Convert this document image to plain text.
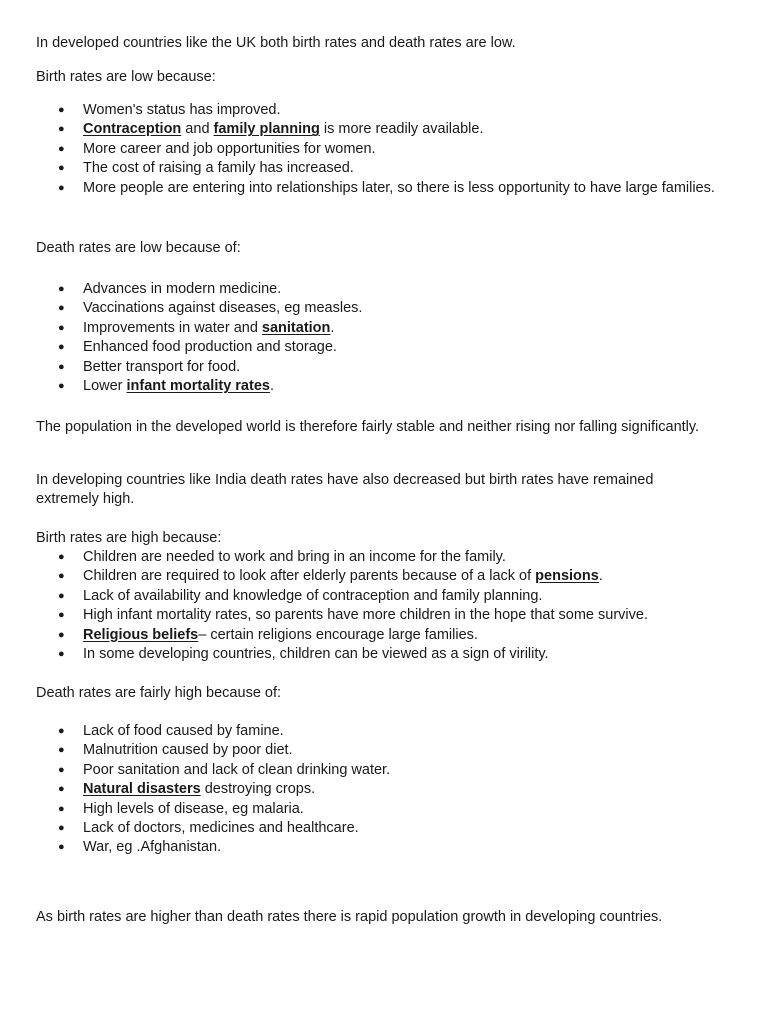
In developed countries like the UK both birth rates and death rates are low.

Birth rates are low because:

● Women's status has improved.
● Contraception and family planning is more readily available.
● More career and job opportunities for women.
● The cost of raising a family has increased.
● More people are entering into relationships later, so there is less opportunity to have large families.

Death rates are low because of:

● Advances in modern medicine.
● Vaccinations against diseases, eg measles.
● Improvements in water and sanitation.
● Enhanced food production and storage.
● Better transport for food.
● Lower infant mortality rates.

The population in the developed world is therefore fairly stable and neither rising nor falling significantly.

In developing countries like India death rates have also decreased but birth rates have remained extremely high.

Birth rates are high because:

● Children are needed to work and bring in an income for the family.
● Children are required to look after elderly parents because of a lack of pensions.
● Lack of availability and knowledge of contraception and family planning.
● High infant mortality rates, so parents have more children in the hope that some survive.
● Religious beliefs– certain religions encourage large families.
● In some developing countries, children can be viewed as a sign of virility.

Death rates are fairly high because of:

● Lack of food caused by famine.
● Malnutrition caused by poor diet.
● Poor sanitation and lack of clean drinking water.
● Natural disasters destroying crops.
● High levels of disease, eg malaria.
● Lack of doctors, medicines and healthcare.
● War, eg .Afghanistan.

As birth rates are higher than death rates there is rapid population growth in developing countries.
